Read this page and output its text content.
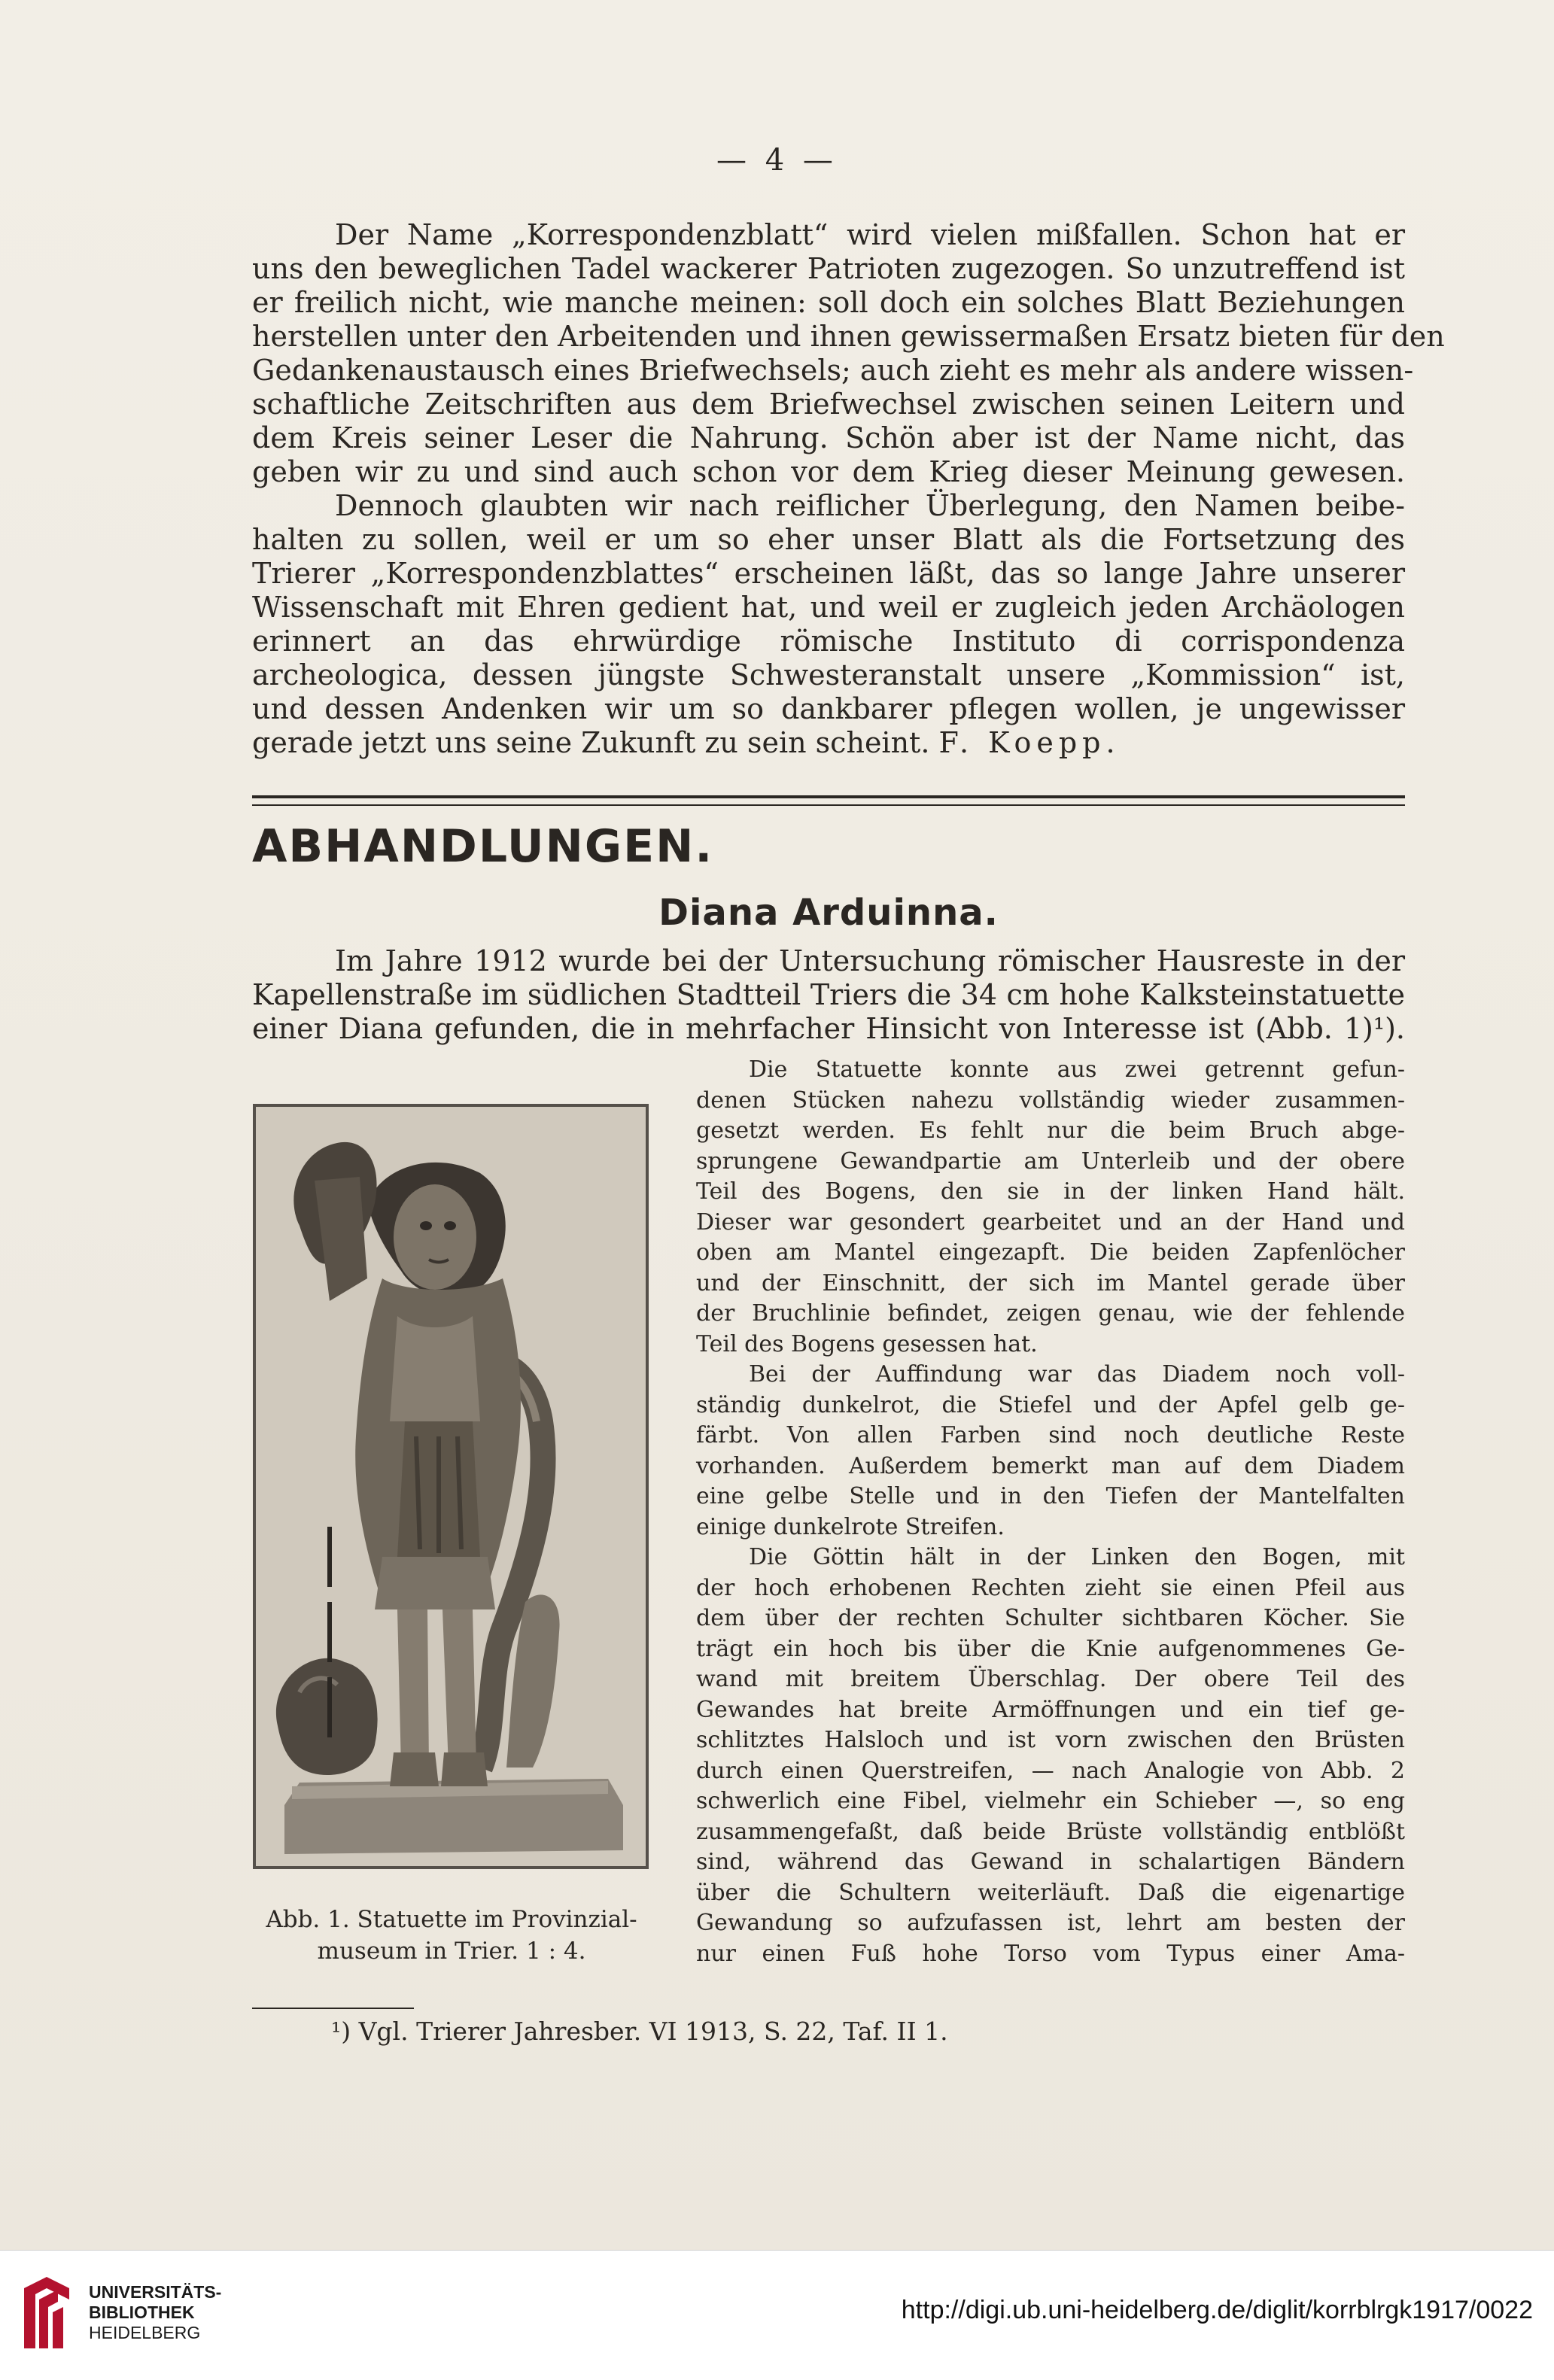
— 4 —
Der Name „Korrespondenzblatt“ wird vielen mißfallen. Schon hat er
uns den beweglichen Tadel wackerer Patrioten zugezogen. So unzutreffend ist
er freilich nicht, wie manche meinen: soll doch ein solches Blatt Beziehungen
herstellen unter den Arbeitenden und ihnen gewissermaßen Ersatz bieten für den
Gedankenaustausch eines Briefwechsels; auch zieht es mehr als andere wissen-
schaftliche Zeitschriften aus dem Briefwechsel zwischen seinen Leitern und
dem Kreis seiner Leser die Nahrung. Schön aber ist der Name nicht, das
geben wir zu und sind auch schon vor dem Krieg dieser Meinung gewesen.
Dennoch glaubten wir nach reiflicher Überlegung, den Namen beibe-
halten zu sollen, weil er um so eher unser Blatt als die Fortsetzung des
Trierer „Korrespondenzblattes“ erscheinen läßt, das so lange Jahre unserer
Wissenschaft mit Ehren gedient hat, und weil er zugleich jeden Archäologen
erinnert an das ehrwürdige römische Instituto di corrispondenza
archeologica, dessen jüngste Schwesteranstalt unsere „Kommission“ ist,
und dessen Andenken wir um so dankbarer pflegen wollen, je ungewisser
gerade jetzt uns seine Zukunft zu sein scheint. F. Koepp.
ABHANDLUNGEN.
Diana Arduinna.
Im Jahre 1912 wurde bei der Untersuchung römischer Hausreste in der
Kapellenstraße im südlichen Stadtteil Triers die 34 cm hohe Kalksteinstatuette
einer Diana gefunden, die in mehrfacher Hinsicht von Interesse ist (Abb. 1)¹).
Abb. 1. Statuette im Provinzial-
museum in Trier. 1 : 4.
Die Statuette konnte aus zwei getrennt gefun-
denen Stücken nahezu vollständig wieder zusammen-
gesetzt werden. Es fehlt nur die beim Bruch abge-
sprungene Gewandpartie am Unterleib und der obere
Teil des Bogens, den sie in der linken Hand hält.
Dieser war gesondert gearbeitet und an der Hand und
oben am Mantel eingezapft. Die beiden Zapfenlöcher
und der Einschnitt, der sich im Mantel gerade über
der Bruchlinie befindet, zeigen genau, wie der fehlende
Teil des Bogens gesessen hat.
Bei der Auffindung war das Diadem noch voll-
ständig dunkelrot, die Stiefel und der Apfel gelb ge-
färbt. Von allen Farben sind noch deutliche Reste
vorhanden. Außerdem bemerkt man auf dem Diadem
eine gelbe Stelle und in den Tiefen der Mantelfalten
einige dunkelrote Streifen.
Die Göttin hält in der Linken den Bogen, mit
der hoch erhobenen Rechten zieht sie einen Pfeil aus
dem über der rechten Schulter sichtbaren Köcher. Sie
trägt ein hoch bis über die Knie aufgenommenes Ge-
wand mit breitem Überschlag. Der obere Teil des
Gewandes hat breite Armöffnungen und ein tief ge-
schlitztes Halsloch und ist vorn zwischen den Brüsten
durch einen Querstreifen, — nach Analogie von Abb. 2
schwerlich eine Fibel, vielmehr ein Schieber —, so eng
zusammengefaßt, daß beide Brüste vollständig entblößt
sind, während das Gewand in schalartigen Bändern
über die Schultern weiterläuft. Daß die eigenartige
Gewandung so aufzufassen ist, lehrt am besten der
nur einen Fuß hohe Torso vom Typus einer Ama-
¹) Vgl. Trierer Jahresber. VI 1913, S. 22, Taf. II 1.
UNIVERSITÄTS-
BIBLIOTHEK
HEIDELBERG
http://digi.ub.uni-heidelberg.de/diglit/korrblrgk1917/0022
